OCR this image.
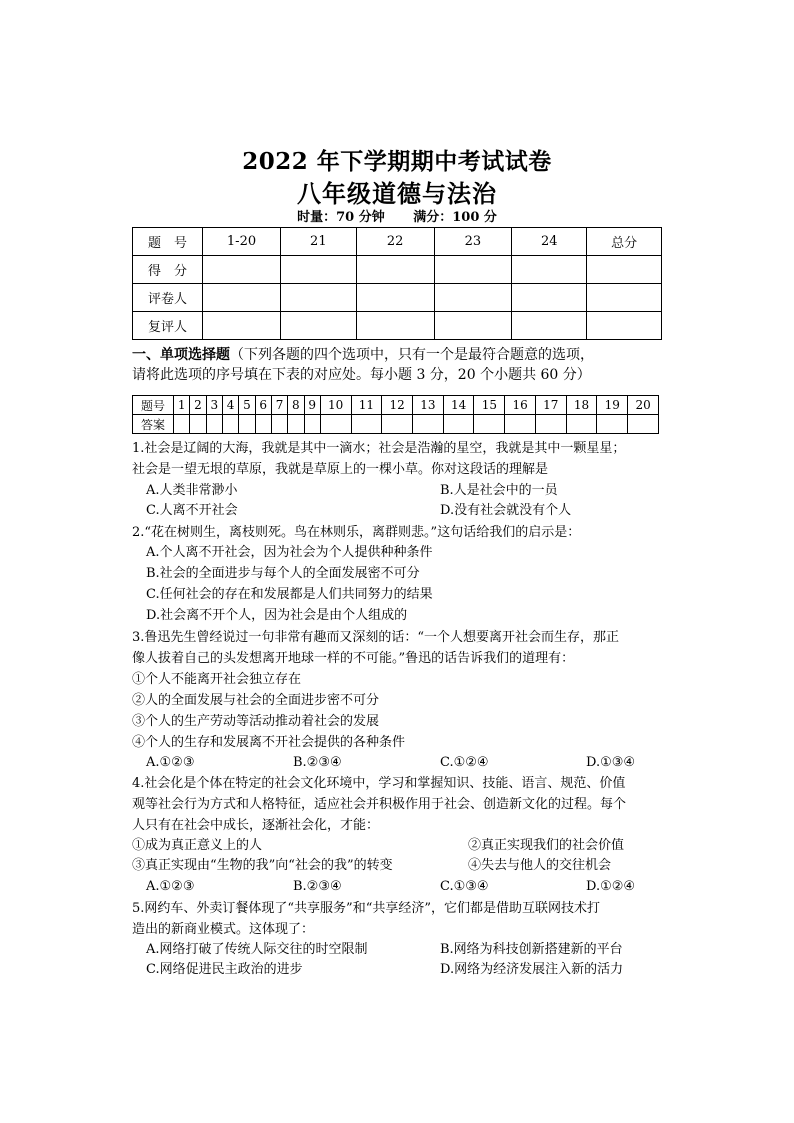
2022 年下学期期中考试试卷
八年级道德与法治
时量：70 分钟 满分：100 分
题　号	1-20	21	22	23	24	总分
得　分						
评卷人						
复评人						
一、单项选择题（下列各题的四个选项中，只有一个是最符合题意的选项，
请将此选项的序号填在下表的对应处。每小题 3 分，20 个小题共 60 分）
题号	1	2	3	4	5	6	7	8	9	10	11	12	13	14	15	16	17	18	19	20
答案																				
1.社会是辽阔的大海，我就是其中一滴水；社会是浩瀚的星空，我就是其中一颗星星；
社会是一望无垠的草原，我就是草原上的一棵小草。你对这段话的理解是
A.人类非常渺小	B.人是社会中的一员
C.人离不开社会	D.没有社会就没有个人
2.“花在树则生，离枝则死。鸟在林则乐，离群则悲。”这句话给我们的启示是：
A.个人离不开社会，因为社会为个人提供种种条件
B.社会的全面进步与每个人的全面发展密不可分
C.任何社会的存在和发展都是人们共同努力的结果
D.社会离不开个人，因为社会是由个人组成的
3.鲁迅先生曾经说过一句非常有趣而又深刻的话：“一个人想要离开社会而生存，那正
像人拔着自己的头发想离开地球一样的不可能。”鲁迅的话告诉我们的道理有：
①个人不能离开社会独立存在
②人的全面发展与社会的全面进步密不可分
③个人的生产劳动等活动推动着社会的发展
④个人的生存和发展离不开社会提供的各种条件
A.①②③	B.②③④	C.①②④	D.①③④
4.社会化是个体在特定的社会文化环境中，学习和掌握知识、技能、语言、规范、价值
观等社会行为方式和人格特征，适应社会并积极作用于社会、创造新文化的过程。每个
人只有在社会中成长，逐渐社会化，才能：
①成为真正意义上的人	②真正实现我们的社会价值
③真正实现由“生物的我”向“社会的我”的转变	④失去与他人的交往机会
A.①②③	B.②③④	C.①③④	D.①②④
5.网约车、外卖订餐体现了“共享服务”和“共享经济”，它们都是借助互联网技术打
造出的新商业模式。这体现了：
A.网络打破了传统人际交往的时空限制	B.网络为科技创新搭建新的平台
C.网络促进民主政治的进步	D.网络为经济发展注入新的活力
